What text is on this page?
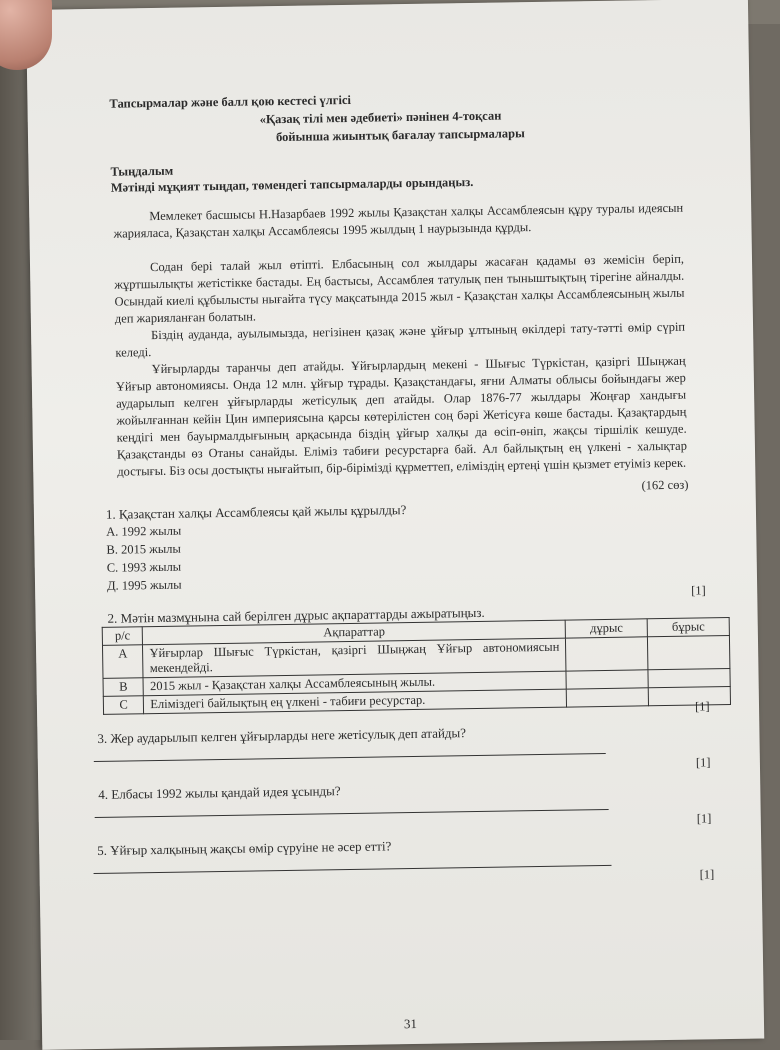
Тапсырмалар және балл қою кестесі үлгісі
«Қазақ тілі мен әдебиеті» пәнінен 4-тоқсан
бойынша жиынтық бағалау тапсырмалары
Тыңдалым
Мәтінді мұқият тыңдап, төмендегі тапсырмаларды орындаңыз.
Мемлекет басшысы Н.Назарбаев 1992 жылы Қазақстан халқы Ассамблеясын құру туралы идеясын жариялаcа, Қазақстан халқы Ассамблеясы 1995 жылдың 1 наурызында құрды.
Содан бері талай жыл өтіпті. Елбасының сол жылдары жасаған қадамы өз жемісін беріп, жұртшылықты жетістікке бастады. Ең бастысы, Ассамблея татулық пен тыныштықтың тірегіне айналды. Осындай киелі құбылысты нығайта түсу мақсатында 2015 жыл - Қазақстан халқы Ассамблеясының жылы деп жарияланған болатын.
Біздің ауданда, ауылымызда, негізінен қазақ және ұйғыр ұлтының өкілдері тату-тәтті өмір сүріп келеді.
Ұйғырларды таранчы деп атайды. Ұйғырлардың мекені - Шығыс Түркістан, қазіргі Шыңжаң Ұйғыр автономиясы. Онда 12 млн. ұйғыр тұрады. Қазақстандағы, яғни Алматы облысы бойындағы жер аударылып келген ұйғырларды жетісулық деп атайды. Олар 1876-77 жылдары Жоңғар хандығы жойылғаннан кейін Цин империясына қарсы көтерілістен соң бәрі Жетісуға көше бастады. Қазақтардың кеңдігі мен бауырмалдығының арқасында біздің ұйғыр халқы да өсіп-өніп, жақсы тіршілік кешуде. Қазақстанды өз Отаны санайды. Еліміз табиғи ресурстарға бай. Ал байлықтың ең үлкені - халықтар достығы. Біз осы достықты нығайтып, бір-бірімізді құрметтеп, еліміздің ертеңі үшін қызмет етуіміз керек.
(162 сөз)
1. Қазақстан халқы Ассамблеясы қай жылы құрылды?
А. 1992 жылы
В. 2015 жылы
С. 1993 жылы
Д. 1995 жылы	[1]
2. Мәтін мазмұнына сай берілген дұрыс ақпараттарды ажыратыңыз.
р/с	Ақпараттар	дұрыс	бұрыс
А	Ұйғырлар Шығыс Түркістан, қазіргі Шыңжаң Ұйғыр автономиясын мекендейді.		
В	2015 жыл - Қазақстан халқы Ассамблеясының жылы.		
С	Еліміздегі байлықтың ең үлкені - табиғи ресурстар.			[1]
3. Жер аударылып келген ұйғырларды неге жетісулық деп атайды?
[1]
4. Елбасы 1992 жылы қандай идея ұсынды?
[1]
5. Ұйғыр халқының жақсы өмір сүруіне не әсер етті?
[1]
31
